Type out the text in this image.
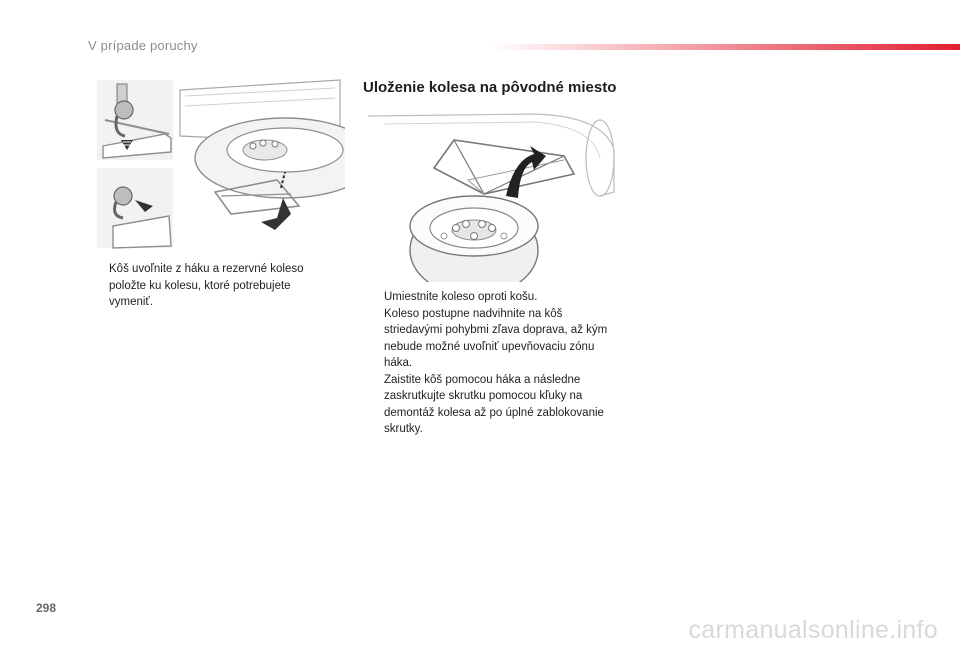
V prípade poruchy
Uloženie kolesa na pôvodné miesto
Kôš uvoľnite z háku a rezervné koleso položte ku kolesu, ktoré potrebujete vymeniť.	Umiestnite koleso oproti košu.
Koleso postupne nadvihnite na kôš striedavými pohybmi zľava doprava, až kým nebude možné uvoľniť upevňovaciu zónu háka.
Zaistite kôš pomocou háka a následne zaskrutkujte skrutku pomocou kľuky na demontáž kolesa až po úplné zablokovanie skrutky.
298
carmanualsonline.info
